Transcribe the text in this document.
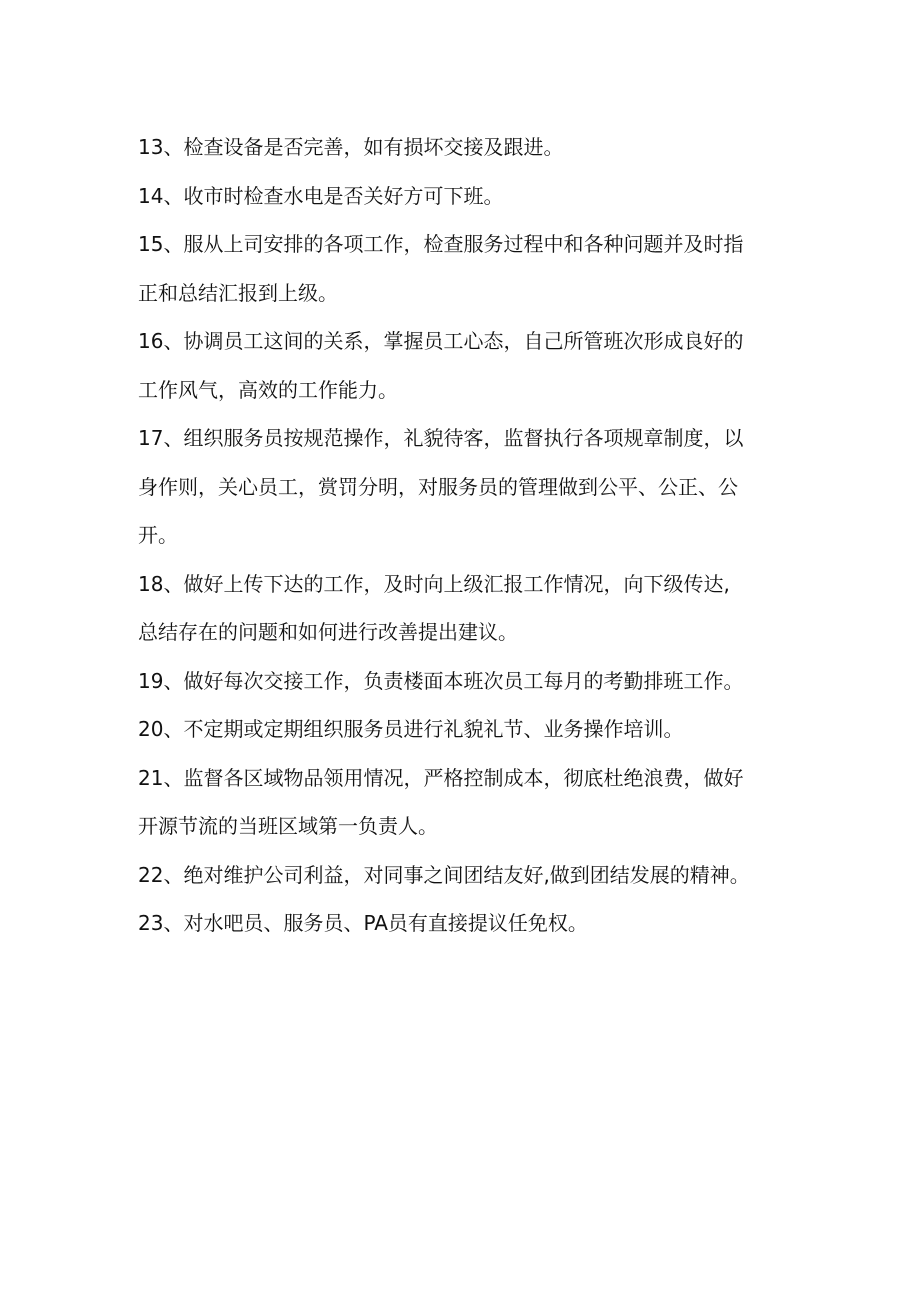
13、检查设备是否完善，如有损坏交接及跟进。

14、收市时检查水电是否关好方可下班。

15、服从上司安排的各项工作，检查服务过程中和各种问题并及时指

正和总结汇报到上级。

16、协调员工这间的关系，掌握员工心态，自己所管班次形成良好的

工作风气，高效的工作能力。

17、组织服务员按规范操作，礼貌待客，监督执行各项规章制度，以

身作则，关心员工，赏罚分明，对服务员的管理做到公平、公正、公

开。

18、做好上传下达的工作，及时向上级汇报工作情况，向下级传达,

总结存在的问题和如何进行改善提出建议。

19、做好每次交接工作，负责楼面本班次员工每月的考勤排班工作。

20、不定期或定期组织服务员进行礼貌礼节、业务操作培训。

21、监督各区域物品领用情况，严格控制成本，彻底杜绝浪费，做好

开源节流的当班区域第一负责人。

22、绝对维护公司利益，对同事之间团结友好,做到团结发展的精神。

23、对水吧员、服务员、PA员有直接提议任免权。
